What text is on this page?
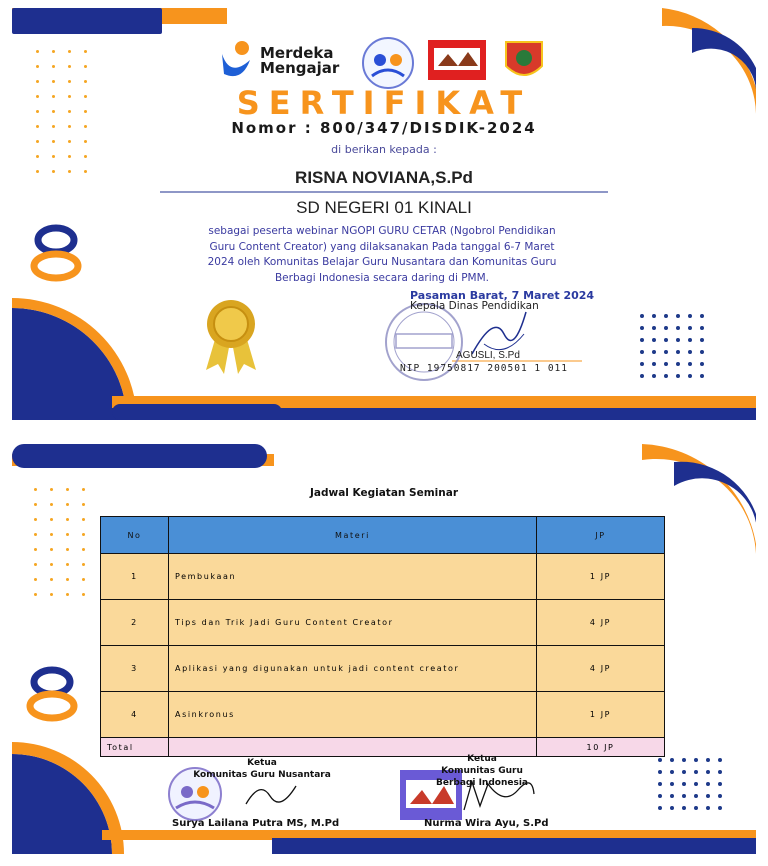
Merdeka
Mengajar
SERTIFIKAT
Nomor : 800/347/DISDIK-2024
di berikan kepada :
RISNA NOVIANA,S.Pd
SD NEGERI 01 KINALI
sebagai peserta webinar NGOPI GURU CETAR (Ngobrol Pendidikan
Guru Content Creator) yang dilaksanakan Pada tanggal 6-7 Maret
2024 oleh Komunitas Belajar Guru Nusantara dan Komunitas Guru
Berbagi Indonesia secara daring di PMM.
Pasaman Barat, 7 Maret 2024
Kepala Dinas Pendidikan
AGUSLI, S.Pd
NIP 19750817 200501 1 011
Jadwal Kegiatan Seminar
No	Materi	JP
1	Pembukaan	1 JP
2	Tips dan Trik Jadi Guru Content Creator	4 JP
3	Aplikasi yang digunakan untuk jadi content creator	4 JP
4	Asinkronus	1 JP
Total		10 JP
Ketua
Komunitas Guru Nusantara
Surya Lailana Putra MS, M.Pd
Ketua
Komunitas Guru
Berbagi Indonesia
Nurma Wira Ayu, S.Pd
